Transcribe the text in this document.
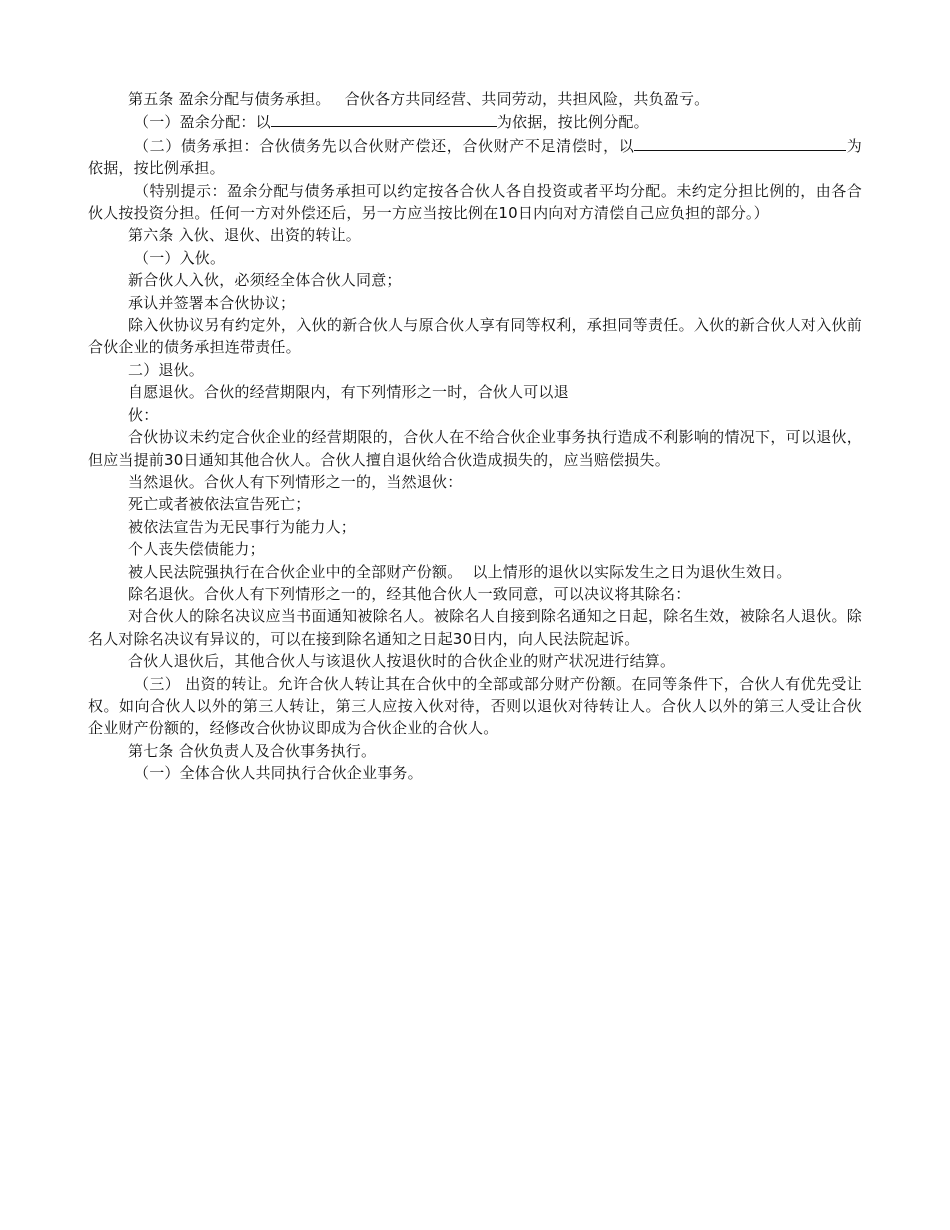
第五条 盈余分配与债务承担。 合伙各方共同经营、共同劳动，共担风险，共负盈亏。

（一）盈余分配：以	为依据，按比例分配。

（二）债务承担：合伙债务先以合伙财产偿还，合伙财产不足清偿时，以	为依据，按比例承担。

（特别提示：盈余分配与债务承担可以约定按各合伙人各自投资或者平均分配。未约定分担比例的，由各合伙人按投资分担。任何一方对外偿还后，另一方应当按比例在10日内向对方清偿自己应负担的部分。）

第六条 入伙、退伙、出资的转让。

（一）入伙。

新合伙人入伙，必须经全体合伙人同意；

承认并签署本合伙协议；

除入伙协议另有约定外，入伙的新合伙人与原合伙人享有同等权利，承担同等责任。入伙的新合伙人对入伙前合伙企业的债务承担连带责任。

二）退伙。

自愿退伙。合伙的经营期限内，有下列情形之一时，合伙人可以退

伙：

合伙协议未约定合伙企业的经营期限的，合伙人在不给合伙企业事务执行造成不利影响的情况下，可以退伙，但应当提前30日通知其他合伙人。合伙人擅自退伙给合伙造成损失的，应当赔偿损失。

当然退伙。合伙人有下列情形之一的，当然退伙：

死亡或者被依法宣告死亡；

被依法宣告为无民事行为能力人；

个人丧失偿债能力；

被人民法院强执行在合伙企业中的全部财产份额。 以上情形的退伙以实际发生之日为退伙生效日。

除名退伙。合伙人有下列情形之一的，经其他合伙人一致同意，可以决议将其除名：

对合伙人的除名决议应当书面通知被除名人。被除名人自接到除名通知之日起，除名生效，被除名人退伙。除名人对除名决议有异议的，可以在接到除名通知之日起30日内，向人民法院起诉。

合伙人退伙后，其他合伙人与该退伙人按退伙时的合伙企业的财产状况进行结算。

（三） 出资的转让。允许合伙人转让其在合伙中的全部或部分财产份额。在同等条件下，合伙人有优先受让权。如向合伙人以外的第三人转让，第三人应按入伙对待，否则以退伙对待转让人。合伙人以外的第三人受让合伙企业财产份额的，经修改合伙协议即成为合伙企业的合伙人。

第七条 合伙负责人及合伙事务执行。

（一）全体合伙人共同执行合伙企业事务。
